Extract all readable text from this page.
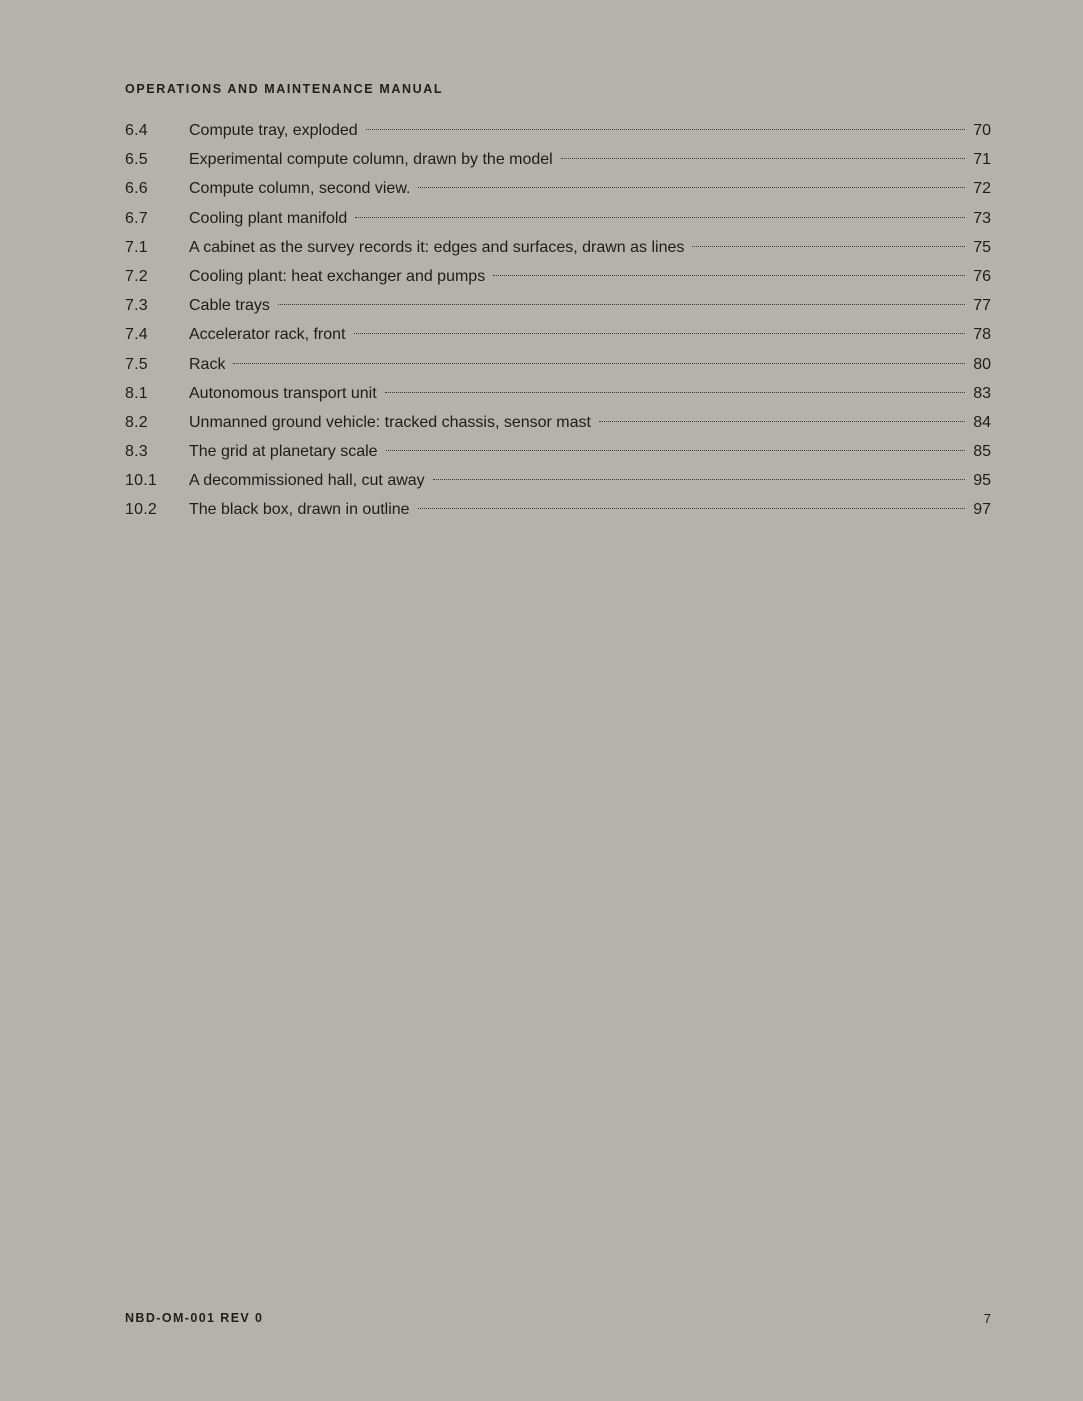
OPERATIONS AND MAINTENANCE MANUAL
6.4	Compute tray, exploded	70
6.5	Experimental compute column, drawn by the model	71
6.6	Compute column, second view.	72
6.7	Cooling plant manifold	73
7.1	A cabinet as the survey records it: edges and surfaces, drawn as lines	75
7.2	Cooling plant: heat exchanger and pumps	76
7.3	Cable trays	77
7.4	Accelerator rack, front	78
7.5	Rack	80
8.1	Autonomous transport unit	83
8.2	Unmanned ground vehicle: tracked chassis, sensor mast	84
8.3	The grid at planetary scale	85
10.1	A decommissioned hall, cut away	95
10.2	The black box, drawn in outline	97
NBD-OM-001 REV 0	7
